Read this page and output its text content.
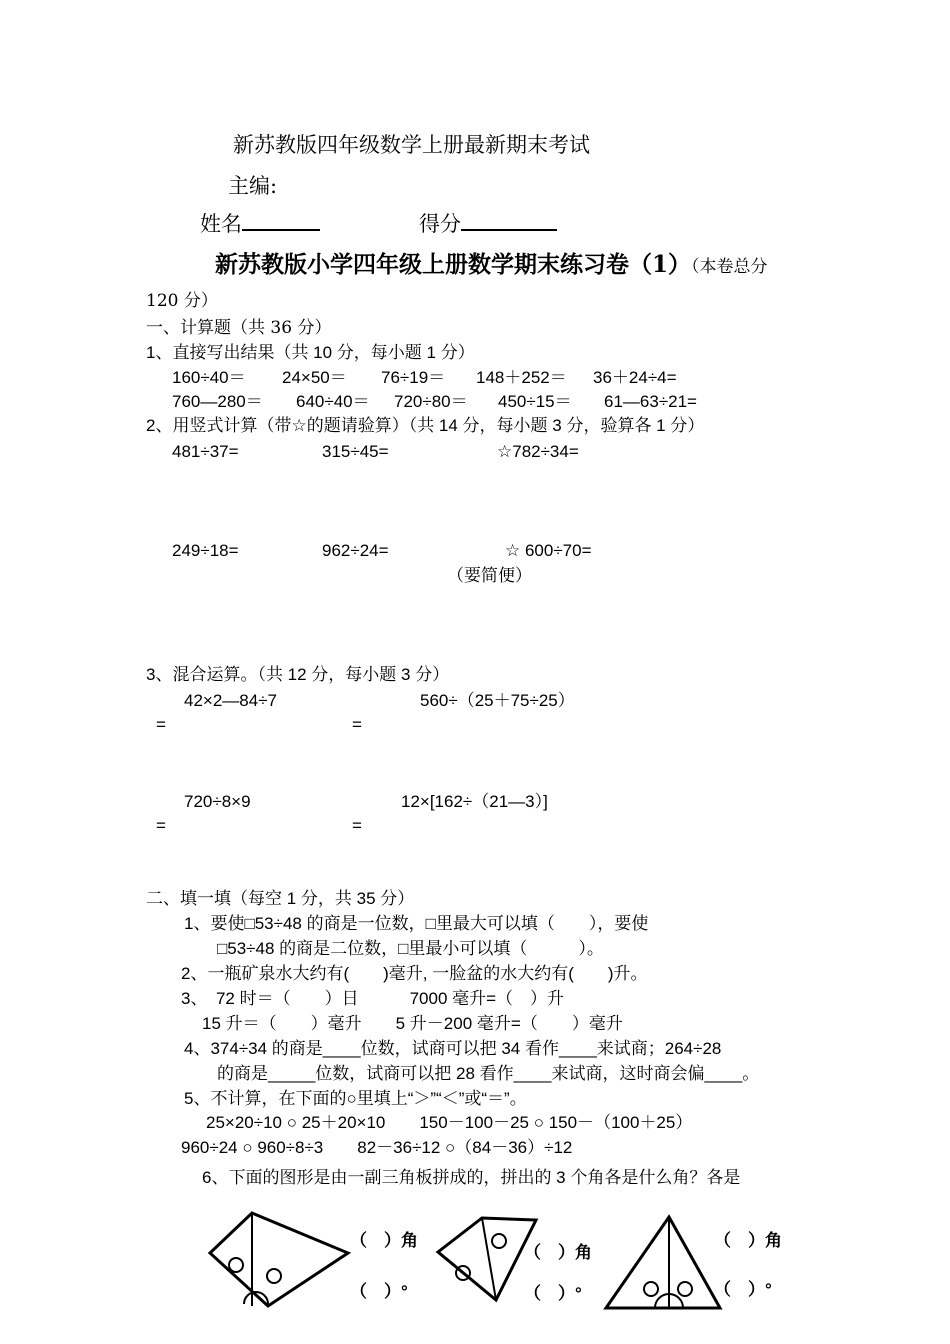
新苏教版四年级数学上册最新期末考试
主编:
姓名	得分
新苏教版小学四年级上册数学期末练习卷（1）（本卷总分
120 分）
一、计算题（共 36 分）
1、直接写出结果（共 10 分，每小题 1 分）
160÷40＝ 24×50＝ 76÷19＝ 148＋252＝ 36＋24÷4=
760—280＝ 640÷40＝ 720÷80＝ 450÷15＝ 61—63÷21=
2、用竖式计算（带☆的题请验算）（共 14 分，每小题 3 分，验算各 1 分）
481÷37=	315÷45=	☆782÷34=
249÷18=	962÷24=	☆ 600÷70=
（要简便）
3、混合运算。（共 12 分，每小题 3 分）
42×2—84÷7	560÷（25＋75÷25）
=	=
720÷8×9	12×[162÷（21—3）]
=	=
二、填一填（每空 1 分，共 35 分）
1、要使□53÷48 的商是一位数，□里最大可以填（　　），要使
□53÷48 的商是二位数，□里最小可以填（　　　）。
2、一瓶矿泉水大约有(　　)毫升, 一脸盆的水大约有(　　)升。
3、　72 时＝（　　）日　　　7000 毫升=（　）升
15 升＝（　　）毫升　　5 升－200 毫升=（　　）毫升
4、374÷34 的商是____位数，试商可以把 34 看作____来试商；264÷28
的商是_____位数，试商可以把 28 看作____来试商，这时商会偏____。
5、不计算，在下面的○里填上“＞”“＜”或“＝”。
25×20÷10 ○ 25＋20×10　　150－100－25 ○ 150－（100＋25）
960÷24 ○ 960÷8÷3　　82－36÷12 ○（84－36）÷12
6、下面的图形是由一副三角板拼成的，拼出的 3 个角各是什么角？各是
（　）角
（　）°
（　）角
（　）°
（　）角
（　）°
